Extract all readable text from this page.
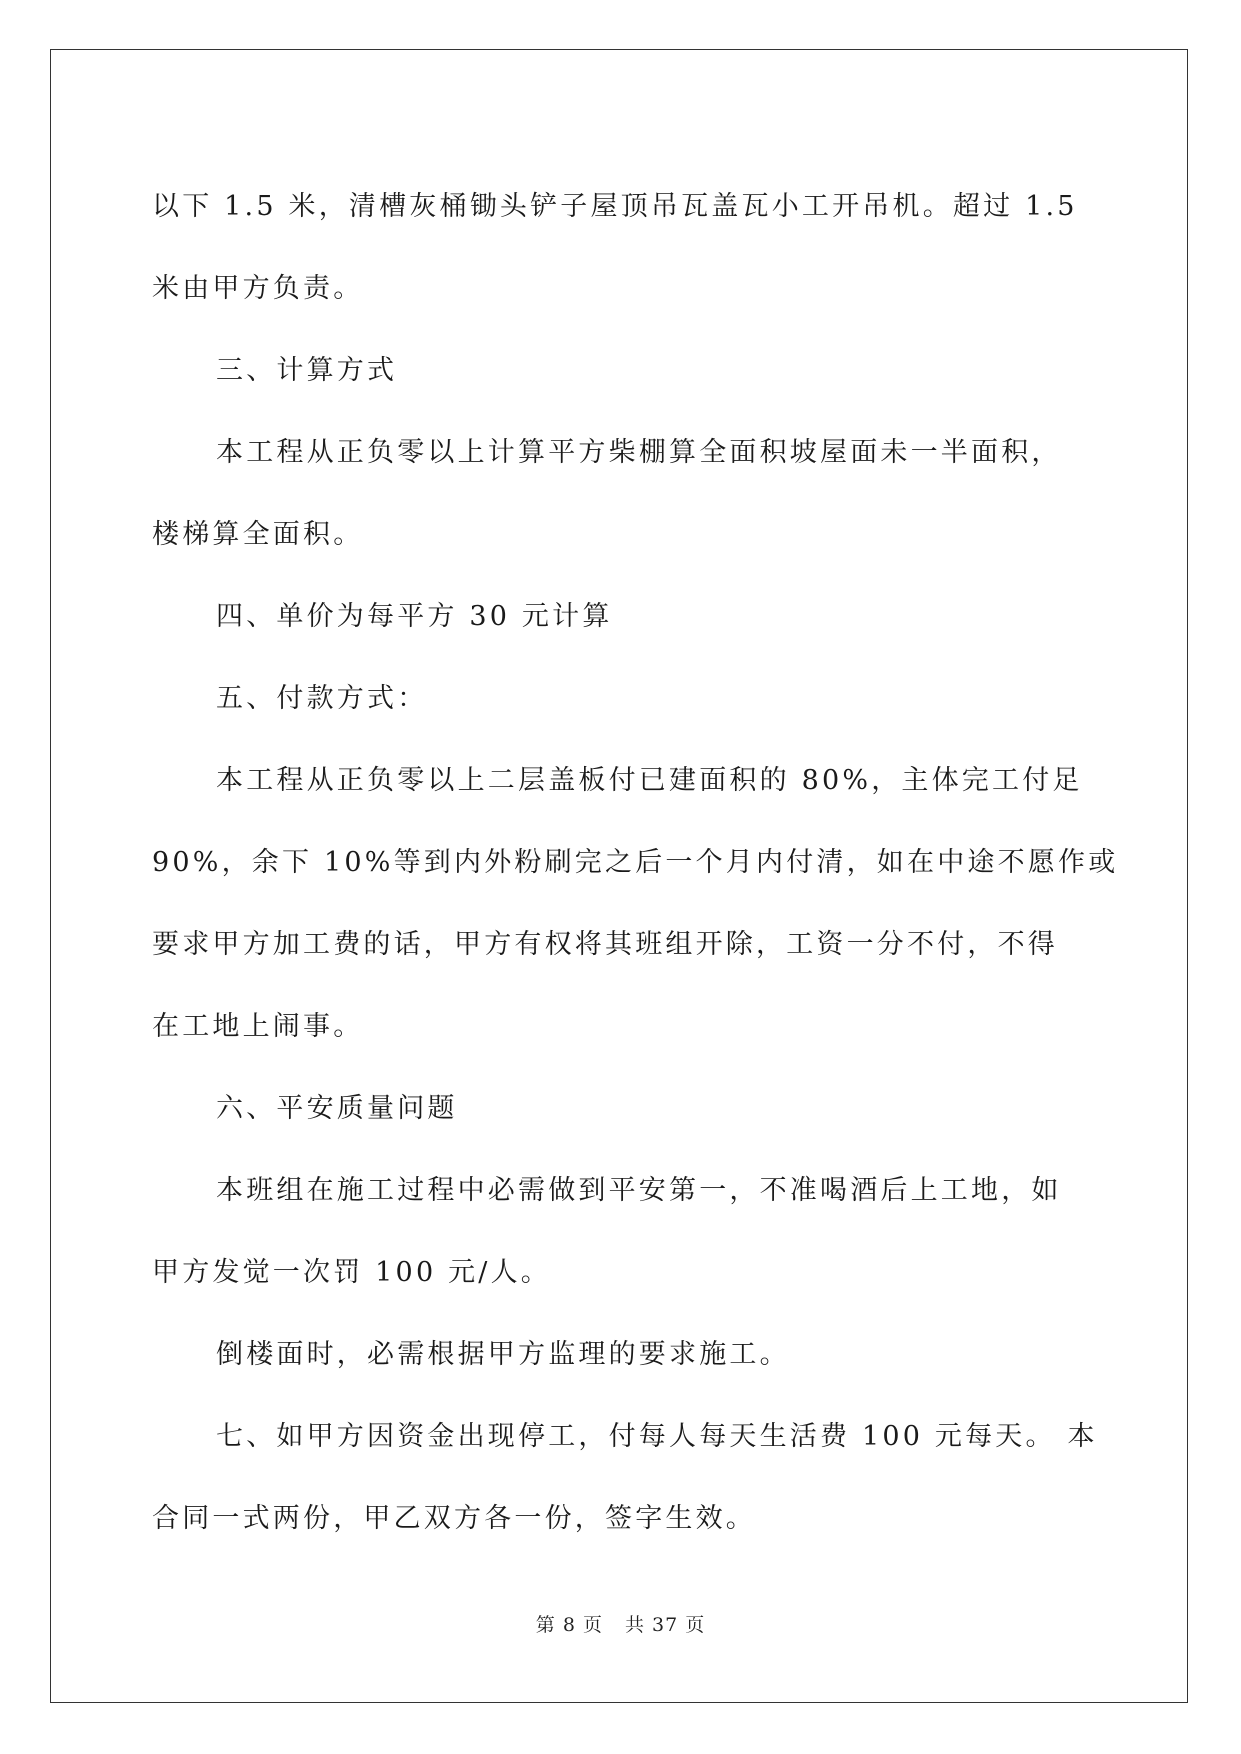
以下 1.5 米，清槽灰桶锄头铲子屋顶吊瓦盖瓦小工开吊机。超过 1.5
米由甲方负责。

三、计算方式

本工程从正负零以上计算平方柴棚算全面积坡屋面未一半面积，
楼梯算全面积。

四、单价为每平方 30 元计算

五、付款方式：

本工程从正负零以上二层盖板付已建面积的 80%，主体完工付足
90%，余下 10%等到内外粉刷完之后一个月内付清，如在中途不愿作或
要求甲方加工费的话，甲方有权将其班组开除，工资一分不付，不得
在工地上闹事。

六、平安质量问题

本班组在施工过程中必需做到平安第一，不准喝酒后上工地，如
甲方发觉一次罚 100 元/人。

倒楼面时，必需根据甲方监理的要求施工。

七、如甲方因资金出现停工，付每人每天生活费 100 元每天。 本
合同一式两份，甲乙双方各一份，签字生效。

第 8 页 共 37 页
